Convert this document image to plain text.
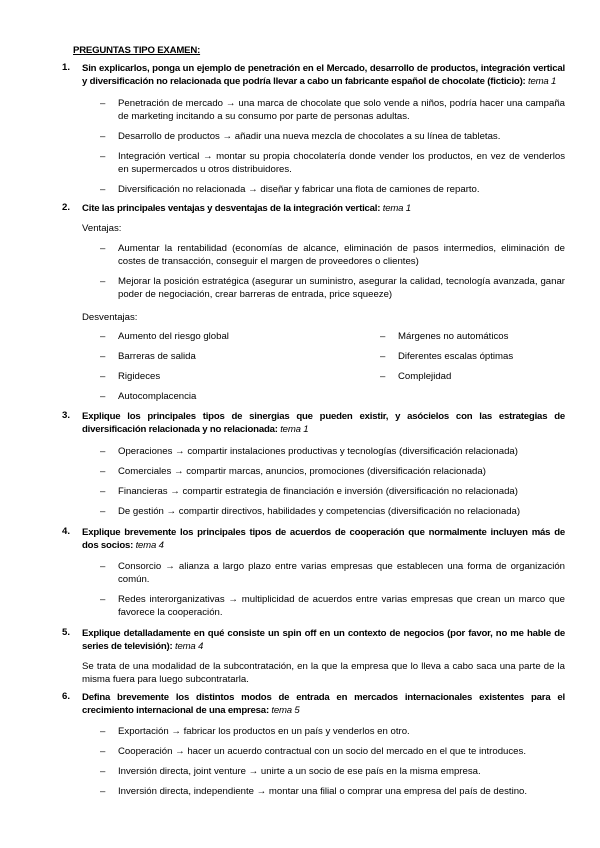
PREGUNTAS TIPO EXAMEN:
1. Sin explicarlos, ponga un ejemplo de penetración en el Mercado, desarrollo de productos, integración vertical y diversificación no relacionada que podría llevar a cabo un fabricante español de chocolate (ficticio): tema 1
– Penetración de mercado → una marca de chocolate que solo vende a niños, podría hacer una campaña de marketing incitando a su consumo por parte de personas adultas.
– Desarrollo de productos → añadir una nueva mezcla de chocolates a su línea de tabletas.
– Integración vertical → montar su propia chocolatería donde vender los productos, en vez de venderlos en supermercados u otros distribuidores.
– Diversificación no relacionada → diseñar y fabricar una flota de camiones de reparto.
2. Cite las principales ventajas y desventajas de la integración vertical: tema 1
Ventajas:
– Aumentar la rentabilidad (economías de alcance, eliminación de pasos intermedios, eliminación de costes de transacción, conseguir el margen de proveedores o clientes)
– Mejorar la posición estratégica (asegurar un suministro, asegurar la calidad, tecnología avanzada, ganar poder de negociación, crear barreras de entrada, price squeeze)
Desventajas:
– Aumento del riesgo global
– Barreras de salida
– Rigideces
– Autocomplacencia
– Márgenes no automáticos
– Diferentes escalas óptimas
– Complejidad
3. Explique los principales tipos de sinergias que pueden existir, y asócielos con las estrategias de diversificación relacionada y no relacionada: tema 1
– Operaciones → compartir instalaciones productivas y tecnologías (diversificación relacionada)
– Comerciales → compartir marcas, anuncios, promociones (diversificación relacionada)
– Financieras → compartir estrategia de financiación e inversión (diversificación no relacionada)
– De gestión → compartir directivos, habilidades y competencias (diversificación no relacionada)
4. Explique brevemente los principales tipos de acuerdos de cooperación que normalmente incluyen más de dos socios: tema 4
– Consorcio → alianza a largo plazo entre varias empresas que establecen una forma de organización común.
– Redes interorganizativas → multiplicidad de acuerdos entre varias empresas que crean un marco que favorece la cooperación.
5. Explique detalladamente en qué consiste un spin off en un contexto de negocios (por favor, no me hable de series de televisión): tema 4
Se trata de una modalidad de la subcontratación, en la que la empresa que lo lleva a cabo saca una parte de la misma fuera para luego subcontratarla.
6. Defina brevemente los distintos modos de entrada en mercados internacionales existentes para el crecimiento internacional de una empresa: tema 5
– Exportación → fabricar los productos en un país y venderlos en otro.
– Cooperación → hacer un acuerdo contractual con un socio del mercado en el que te introduces.
– Inversión directa, joint venture → unirte a un socio de ese país en la misma empresa.
– Inversión directa, independiente → montar una filial o comprar una empresa del país de destino.
